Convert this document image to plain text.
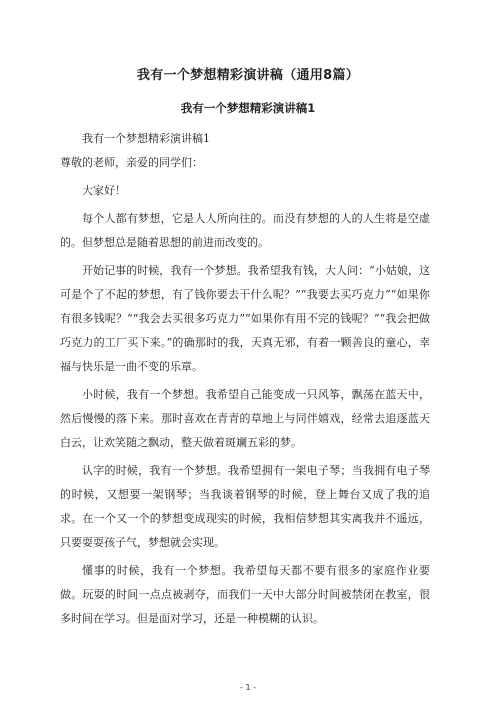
我有一个梦想精彩演讲稿（通用8篇）
我有一个梦想精彩演讲稿1

我有一个梦想精彩演讲稿1

尊敬的老师，亲爱的同学们：

大家好！

每个人都有梦想，它是人人所向往的。而没有梦想的人的人生将是空虚的。但梦想总是随着思想的前进而改变的。

开始记事的时候，我有一个梦想。我希望我有钱，大人问：“小姑娘，这可是个了不起的梦想，有了钱你要去干什么呢？”“我要去买巧克力”“如果你有很多钱呢？”“我会去买很多巧克力”“如果你有用不完的钱呢？”“我会把做巧克力的工厂买下来。”的确那时的我，天真无邪，有着一颗善良的童心，幸福与快乐是一曲不变的乐章。

小时候，我有一个梦想。我希望自己能变成一只风筝，飘荡在蓝天中，然后慢慢的落下来。那时喜欢在青青的草地上与同伴嬉戏，经常去追逐蓝天白云，让欢笑随之飘动，整天做着斑斓五彩的梦。

认字的时候，我有一个梦想。我希望拥有一架电子琴；当我拥有电子琴的时候，又想要一架钢琴；当我谈着钢琴的时候，登上舞台又成了我的追求。在一个又一个的梦想变成现实的时候，我相信梦想其实离我并不遥远，只要耍耍孩子气，梦想就会实现。

懂事的时候，我有一个梦想。我希望每天都不要有很多的家庭作业要做。玩耍的时间一点点被剥夺，而我们一天中大部分时间被禁闭在教室，很多时间在学习。但是面对学习，还是一种模糊的认识。

- 1 -
